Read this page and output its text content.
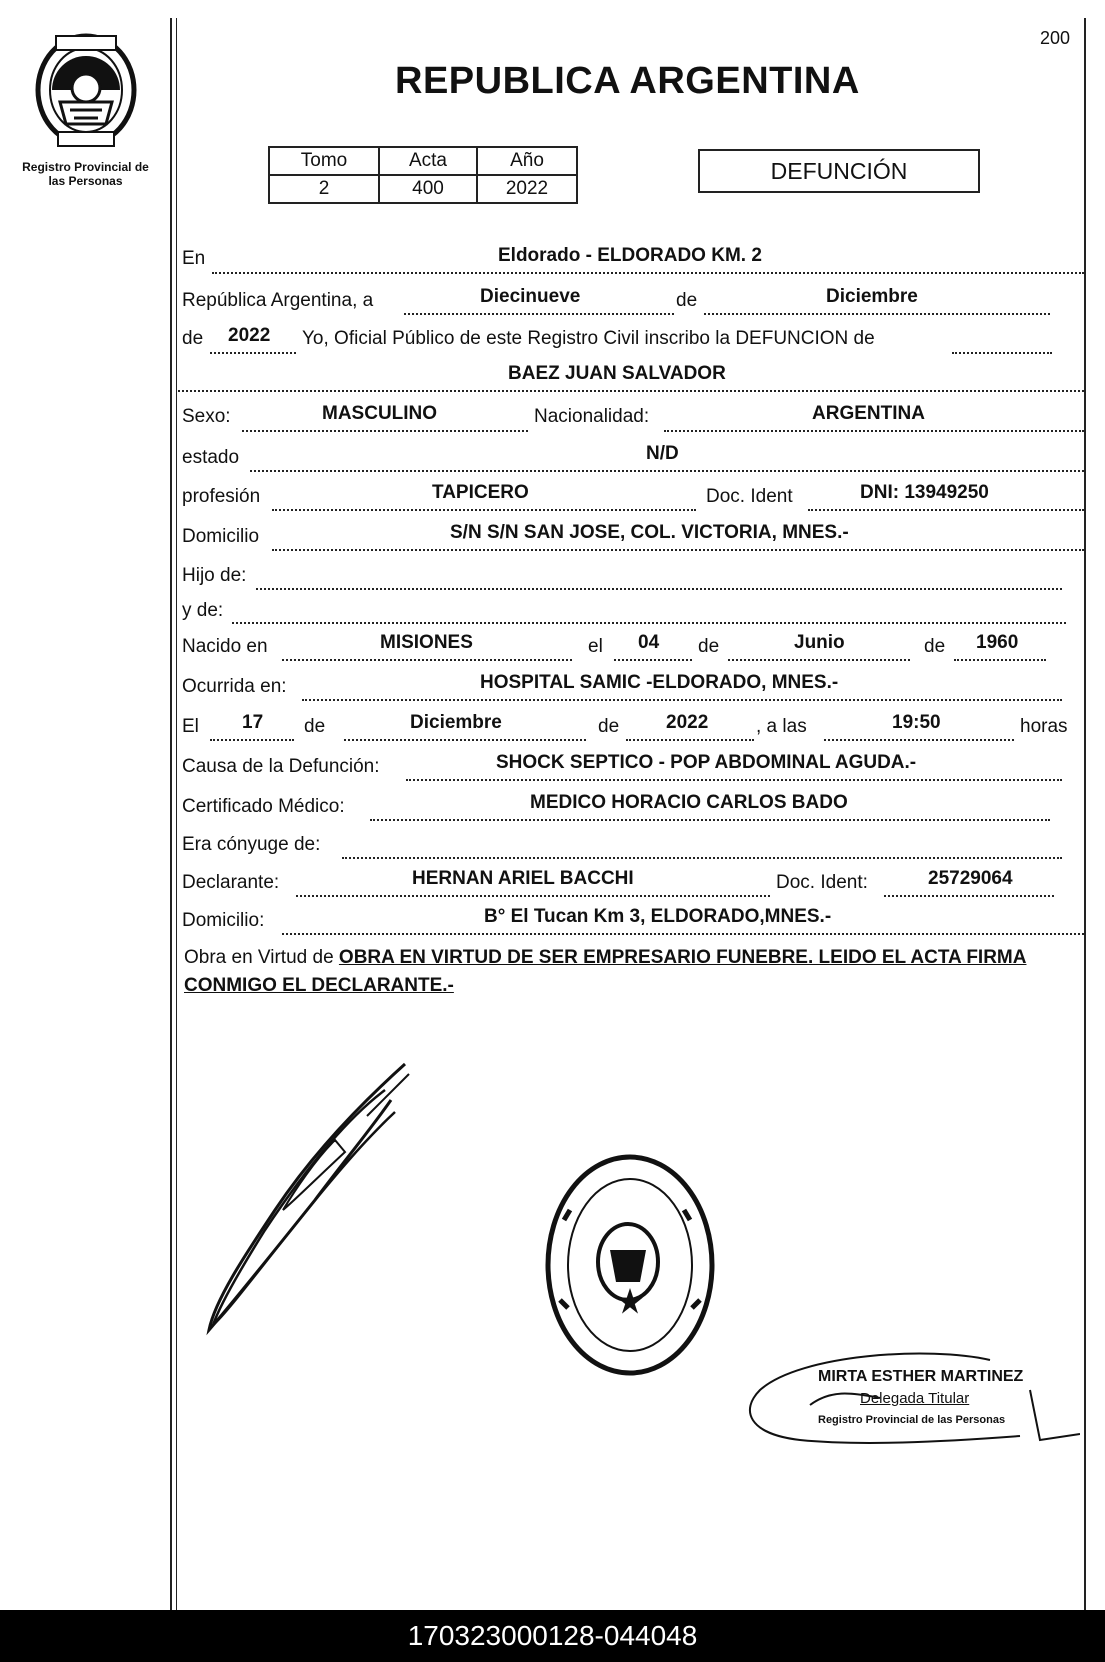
Registro Provincial de
las Personas
200
REPUBLICA ARGENTINA
Tomo	Acta	Año
2	400	2022
DEFUNCIÓN
En	Eldorado - ELDORADO KM. 2
República Argentina, a	Diecinueve	de	Diciembre
de 2022 Yo, Oficial Público de este Registro Civil inscribo la DEFUNCION de
BAEZ JUAN SALVADOR
Sexo:	MASCULINO	Nacionalidad:	ARGENTINA
estado	N/D
profesión	TAPICERO	Doc. Ident	DNI: 13949250
Domicilio	S/N S/N SAN JOSE, COL. VICTORIA, MNES.-
Hijo de:
y de:
Nacido en	MISIONES	el 04 de	Junio	de 1960
Ocurrida en:	HOSPITAL SAMIC -ELDORADO, MNES.-
El 17 de	Diciembre	de 2022	, a las	19:50	horas
Causa de la Defunción:	SHOCK SEPTICO - POP ABDOMINAL AGUDA.-
Certificado Médico:	MEDICO HORACIO CARLOS BADO
Era cónyuge de:
Declarante:	HERNAN ARIEL BACCHI	Doc. Ident:	25729064
Domicilio:	B° El Tucan Km 3, ELDORADO,MNES.-
Obra en Virtud de OBRA EN VIRTUD DE SER EMPRESARIO FUNEBRE. LEIDO EL ACTA FIRMA CONMIGO EL DECLARANTE.-
MIRTA ESTHER MARTINEZ
Delegada Titular
Registro Provincial de las Personas
170323000128-044048
